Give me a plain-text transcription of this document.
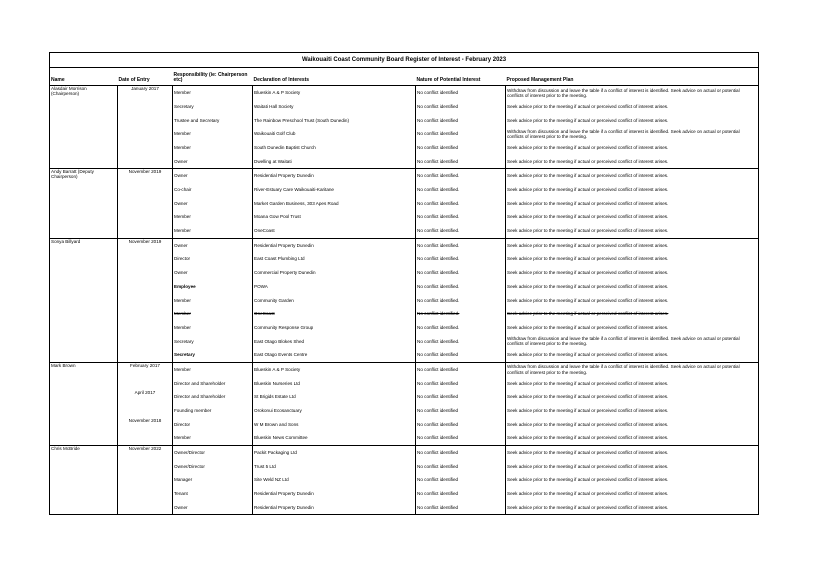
Waikouaiti Coast Community Board Register of Interest - February 2023					
Name	Date of Entry	Responsibility (ie: Chairperson etc)	Declaration of Interests	Nature of Potential Interest	Proposed Management Plan
Alasdair Morrison (Chairperson)	January 2017	Member	Blueskin A & P Society	No conflict identified	Withdraw from discussion and leave the table if a conflict of interest is identified. Seek advice on actual or potential conflicts of interest prior to the meeting.
		Secretary	Waitati Hall Society	No conflict identified	Seek advice prior to the meeting if actual or perceived conflict of interest arises.
		Trustee and Secretary	The Rainbow Preschool Trust (South Dunedin)	No conflict identified	Seek advice prior to the meeting if actual or perceived conflict of interest arises.
		Member	Waikouaiti Golf Club	No conflict identified	Withdraw from discussion and leave the table if a conflict of interest is identified. Seek advice on actual or potential conflicts of interest prior to the meeting.
		Member	South Dunedin Baptist Church	No conflict identified	Seek advice prior to the meeting if actual or perceived conflict of interest arises.
		Owner	Dwelling at Waitati	No conflict identified	Seek advice prior to the meeting if actual or perceived conflict of interest arises.
Andy Barratt (Deputy Chairperson)	November 2019	Owner	Residential Property Dunedin	No conflict identified.	Seek advice prior to the meeting if actual or perceived conflict of interest arises.
		Co-chair	River-Estuary Care Waikouaiti-Karitane	No conflict identified.	Seek advice prior to the meeting if actual or perceived conflict of interest arises.
		Owner	Market Garden Business, 303 Apes Road	No conflict identified.	Seek advice prior to the meeting if actual or perceived conflict of interest arises.
		Member	Moana Gow Pool Trust	No conflict identified.	Seek advice prior to the meeting if actual or perceived conflict of interest arises.
		Member	OneCoast	No conflict identified.	Seek advice prior to the meeting if actual or perceived conflict of interest arises.
Sonya Billyard	November 2019	Owner	Residential Property Dunedin	No conflict identified.	Seek advice prior to the meeting if actual or perceived conflict of interest arises.
		Director	East Coast Plumbing Ltd	No conflict identified.	Seek advice prior to the meeting if actual or perceived conflict of interest arises.
		Owner	Commercial Property Dunedin	No conflict identified.	Seek advice prior to the meeting if actual or perceived conflict of interest arises.
		Employee	POWA	No conflict identified.	Seek advice prior to the meeting if actual or perceived conflict of interest arises.
		Member	Community Garden	No conflict identified.	Seek advice prior to the meeting if actual or perceived conflict of interest arises.
		Member	OneCoast	No conflict identified.	Seek advice prior to the meeting if actual or perceived conflict of interest arises.
		Member	Community Response Group	No conflict identified.	Seek advice prior to the meeting if actual or perceived conflict of interest arises.
		Secretary	East Otago Blokes Shed	No conflict identified.	Withdraw from discussion and leave the table if a conflict of interest is identified. Seek advice on actual or potential conflicts of interest prior to the meeting.
		Secretary	East Otago Events Centre	No conflict identified	Seek advice prior to the meeting if actual or perceived conflict of interest arises.
Mark Brown	February 2017	Member	Blueskin A & P Society	No conflict identified	Withdraw from discussion and leave the table if a conflict of interest is identified. Seek advice on actual or potential conflicts of interest prior to the meeting.
		Director and Shareholder	Blueskin Nurseries Ltd	No conflict identified	Seek advice prior to the meeting if actual or perceived conflict of interest arises.
	April 2017	Director and Shareholder	St Brigids Estate Ltd	No conflict identified	Seek advice prior to the meeting if actual or perceived conflict of interest arises.
		Founding member	Orokonui Ecosanctuary	No conflict identified	Seek advice prior to the meeting if actual or perceived conflict of interest arises.
	November 2018	Director	W M Brown and Sons	No conflict identified	Seek advice prior to the meeting if actual or perceived conflict of interest arises.
		Member	Blueskin News Committee	No conflict identified	Seek advice prior to the meeting if actual or perceived conflict of interest arises.
Chris McBride	November 2022	Owner/Director	Packit Packaging Ltd	No conflict identified	Seek advice prior to the meeting if actual or perceived conflict of interest arises.
		Owner/Director	Trust 5 Ltd	No conflict identified	Seek advice prior to the meeting if actual or perceived conflict of interest arises.
		Manager	Site Weld NZ Ltd	No conflict identified	Seek advice prior to the meeting if actual or perceived conflict of interest arises.
		Tenant	Residential Property Dunedin	No conflict identified	Seek advice prior to the meeting if actual or perceived conflict of interest arises.
		Owner	Residential Property Dunedin	No conflict identified	Seek advice prior to the meeting if actual or perceived conflict of interest arises.
